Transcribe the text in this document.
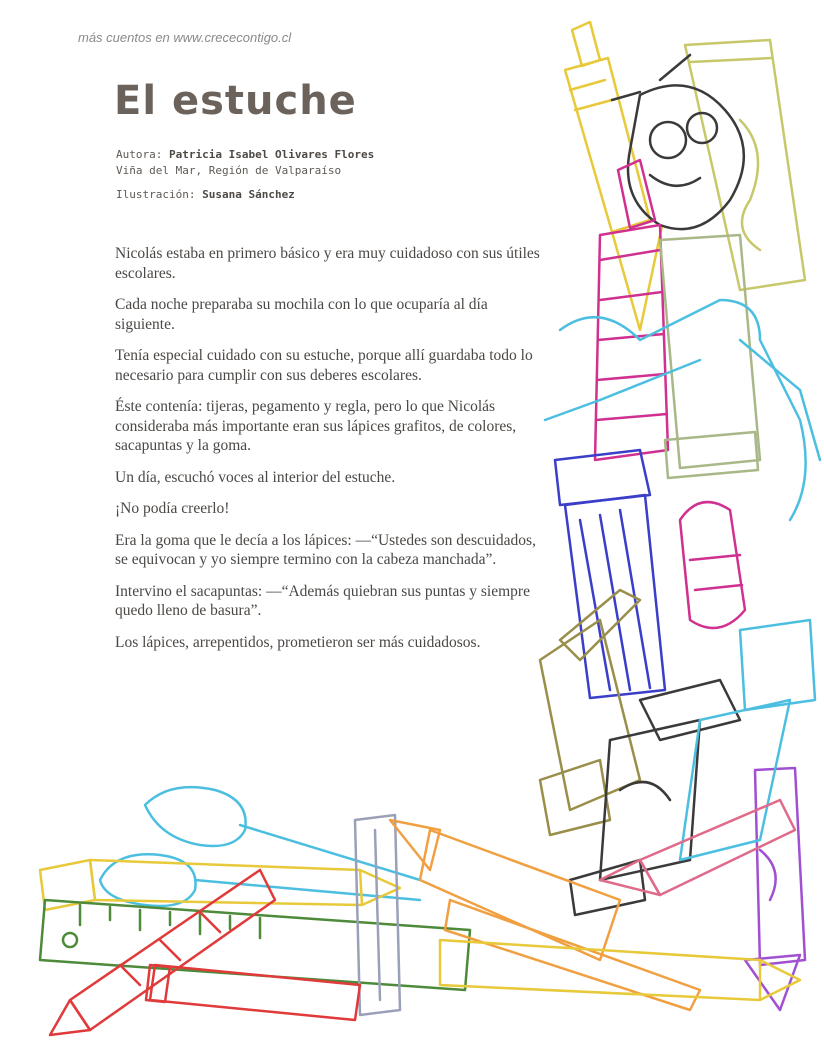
más cuentos en www.crececontigo.cl
El estuche
Autora: Patricia Isabel Olivares Flores
Viña del Mar, Región de Valparaíso
Ilustración: Susana Sánchez

Nicolás estaba en primero básico y era muy cuidadoso con sus útiles escolares.

Cada noche preparaba su mochila con lo que ocuparía al día siguiente.

Tenía especial cuidado con su estuche, porque allí guardaba todo lo necesario para cumplir con sus deberes escolares.

Éste contenía: tijeras, pegamento y regla, pero lo que Nicolás consideraba más importante eran sus lápices grafitos, de colores, sacapuntas y la goma.

Un día, escuchó voces al interior del estuche.

¡No podía creerlo!

Era la goma que le decía a los lápices: —“Ustedes son descuidados, se equivocan y yo siempre termino con la cabeza manchada”.

Intervino el sacapuntas: —“Además quiebran sus puntas y siempre quedo lleno de basura”.

Los lápices, arrepentidos, prometieron ser más cuidadosos.
